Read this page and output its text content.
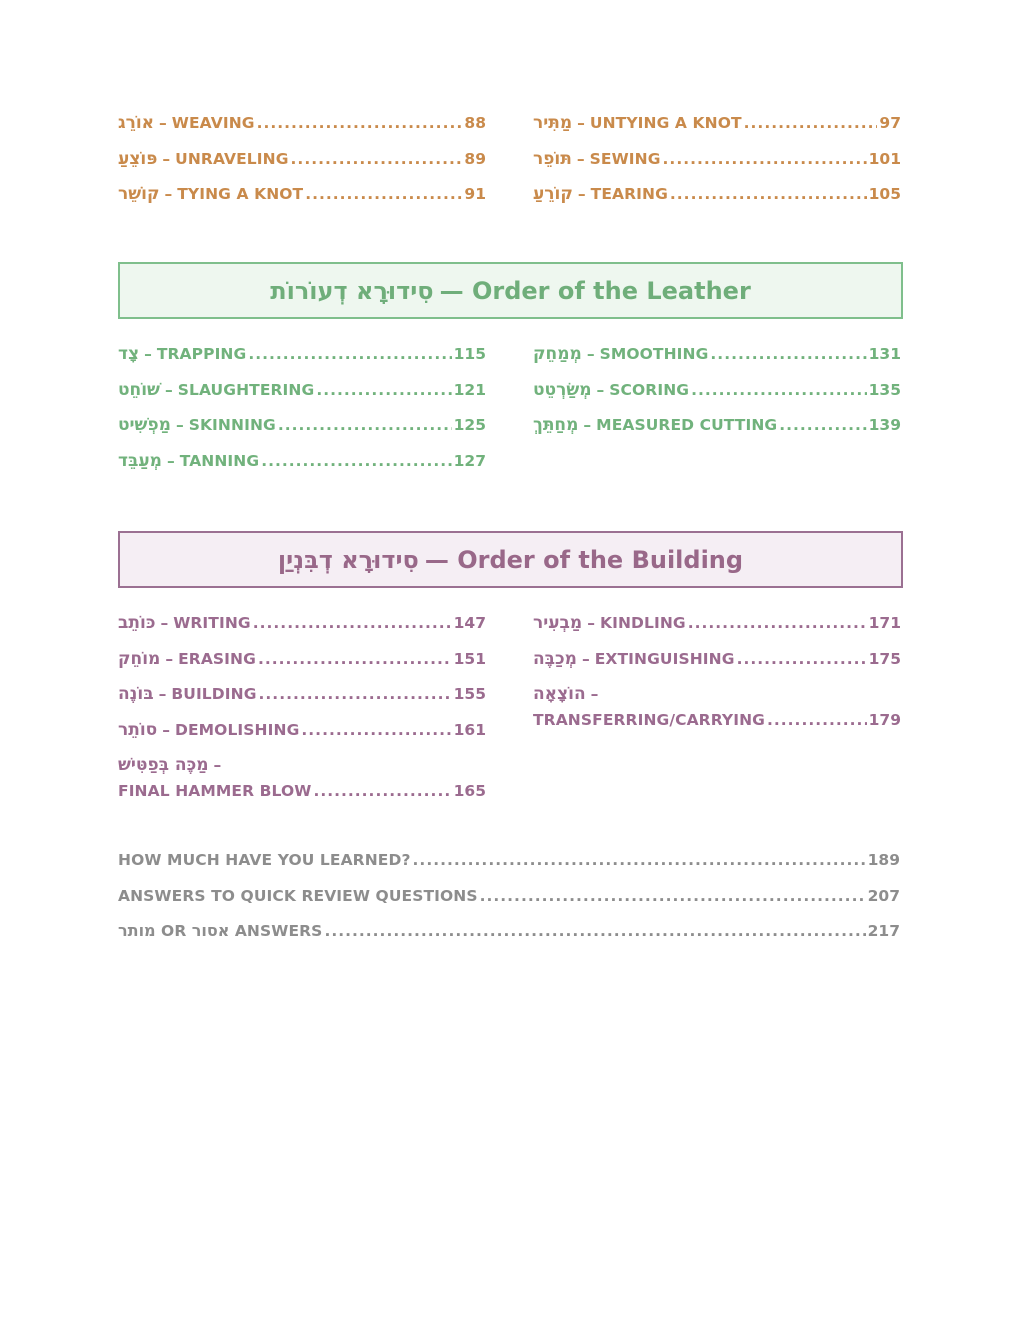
אוֹרֵג – WEAVING .....	88
פּוֹצֵעַ – UNRAVELING .....	89
קוֹשֵׁר – TYING A KNOT .....	91
מַתִּיר – UNTYING A KNOT .....	97
תּוֹפֵר – SEWING .....	101
קוֹרֵעַ – TEARING .....	105
סִידוּרָא דְעוֹרוֹת — Order of the Leather
צָד – TRAPPING .....	115
שׁוֹחֵט – SLAUGHTERING .....	121
מַפְשִׁיט – SKINNING .....	125
מְעַבֵּד – TANNING .....	127
מְמַחֵק – SMOOTHING .....	131
מְשַׂרְטֵט – SCORING .....	135
מְחַתֵּךְ – MEASURED CUTTING .....	139
סִידוּרָא דְבִּנְיַן — Order of the Building
כּוֹתֵב – WRITING .....	147
מוֹחֵק – ERASING .....	151
בּוֹנֶה – BUILDING .....	155
סוֹתֵר – DEMOLISHING .....	161
מַכֶּה בְּפַטִּישׁ –
FINAL HAMMER BLOW .....	165
מַבְעִיר – KINDLING .....	171
מְכַבֶּה – EXTINGUISHING .....	175
הוֹצָאָה –
TRANSFERRING/CARRYING .....	179
HOW MUCH HAVE YOU LEARNED? .....	189
ANSWERS TO QUICK REVIEW QUESTIONS .....	207
מותר
OR
אסור
ANSWERS .....	217
